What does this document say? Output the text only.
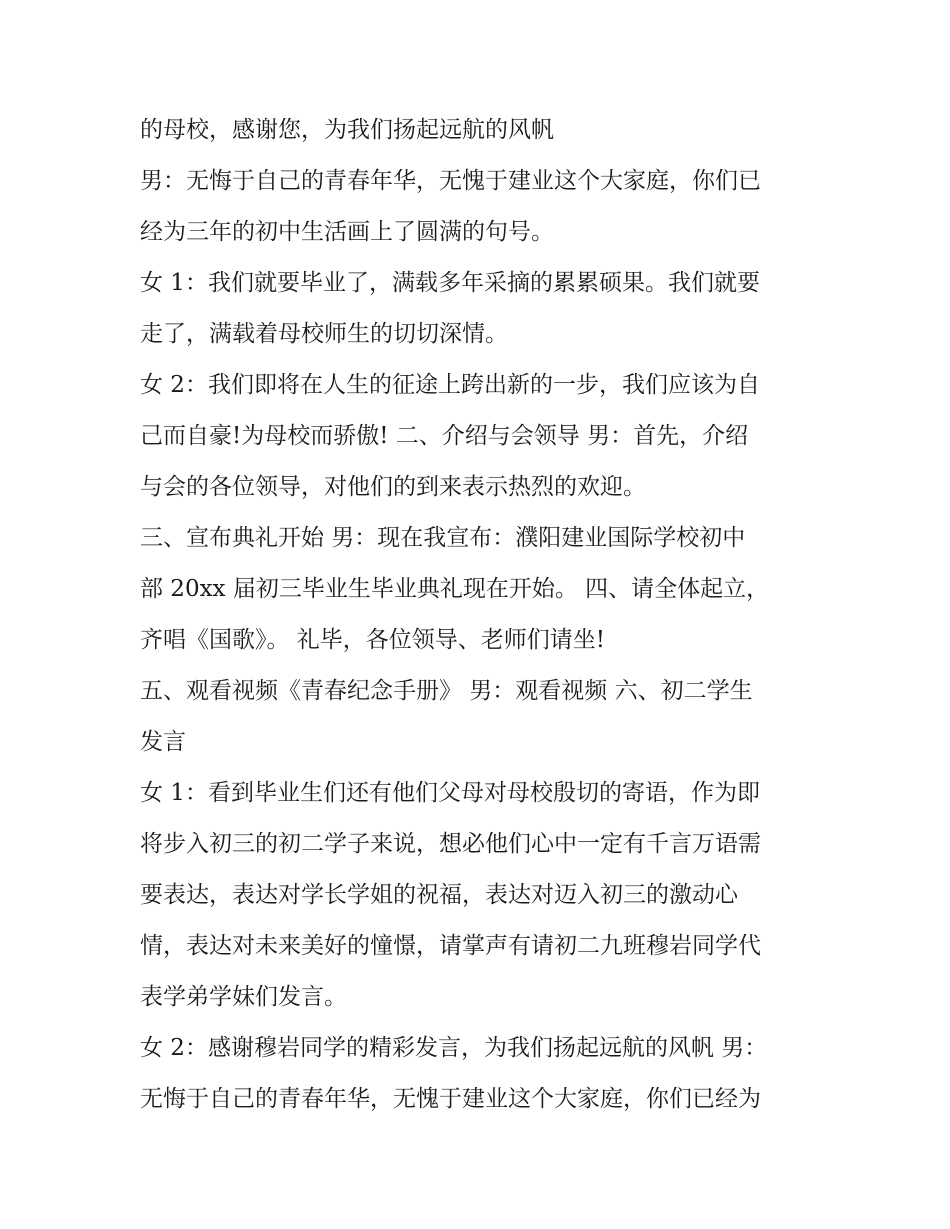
的母校，感谢您，为我们扬起远航的风帆
男：无悔于自己的青春年华，无愧于建业这个大家庭，你们已
经为三年的初中生活画上了圆满的句号。
女 1：我们就要毕业了，满载多年采摘的累累硕果。我们就要
走了，满载着母校师生的切切深情。
女 2：我们即将在人生的征途上跨出新的一步，我们应该为自
己而自豪!为母校而骄傲! 二、介绍与会领导 男：首先，介绍
与会的各位领导，对他们的到来表示热烈的欢迎。
三、宣布典礼开始 男：现在我宣布：濮阳建业国际学校初中
部 20xx 届初三毕业生毕业典礼现在开始。 四、请全体起立，
齐唱《国歌》。 礼毕，各位领导、老师们请坐!
五、观看视频《青春纪念手册》 男：观看视频 六、初二学生
发言
女 1：看到毕业生们还有他们父母对母校殷切的寄语，作为即
将步入初三的初二学子来说，想必他们心中一定有千言万语需
要表达，表达对学长学姐的祝福，表达对迈入初三的激动心
情，表达对未来美好的憧憬，请掌声有请初二九班穆岩同学代
表学弟学妹们发言。
女 2：感谢穆岩同学的精彩发言，为我们扬起远航的风帆 男：
无悔于自己的青春年华，无愧于建业这个大家庭，你们已经为
